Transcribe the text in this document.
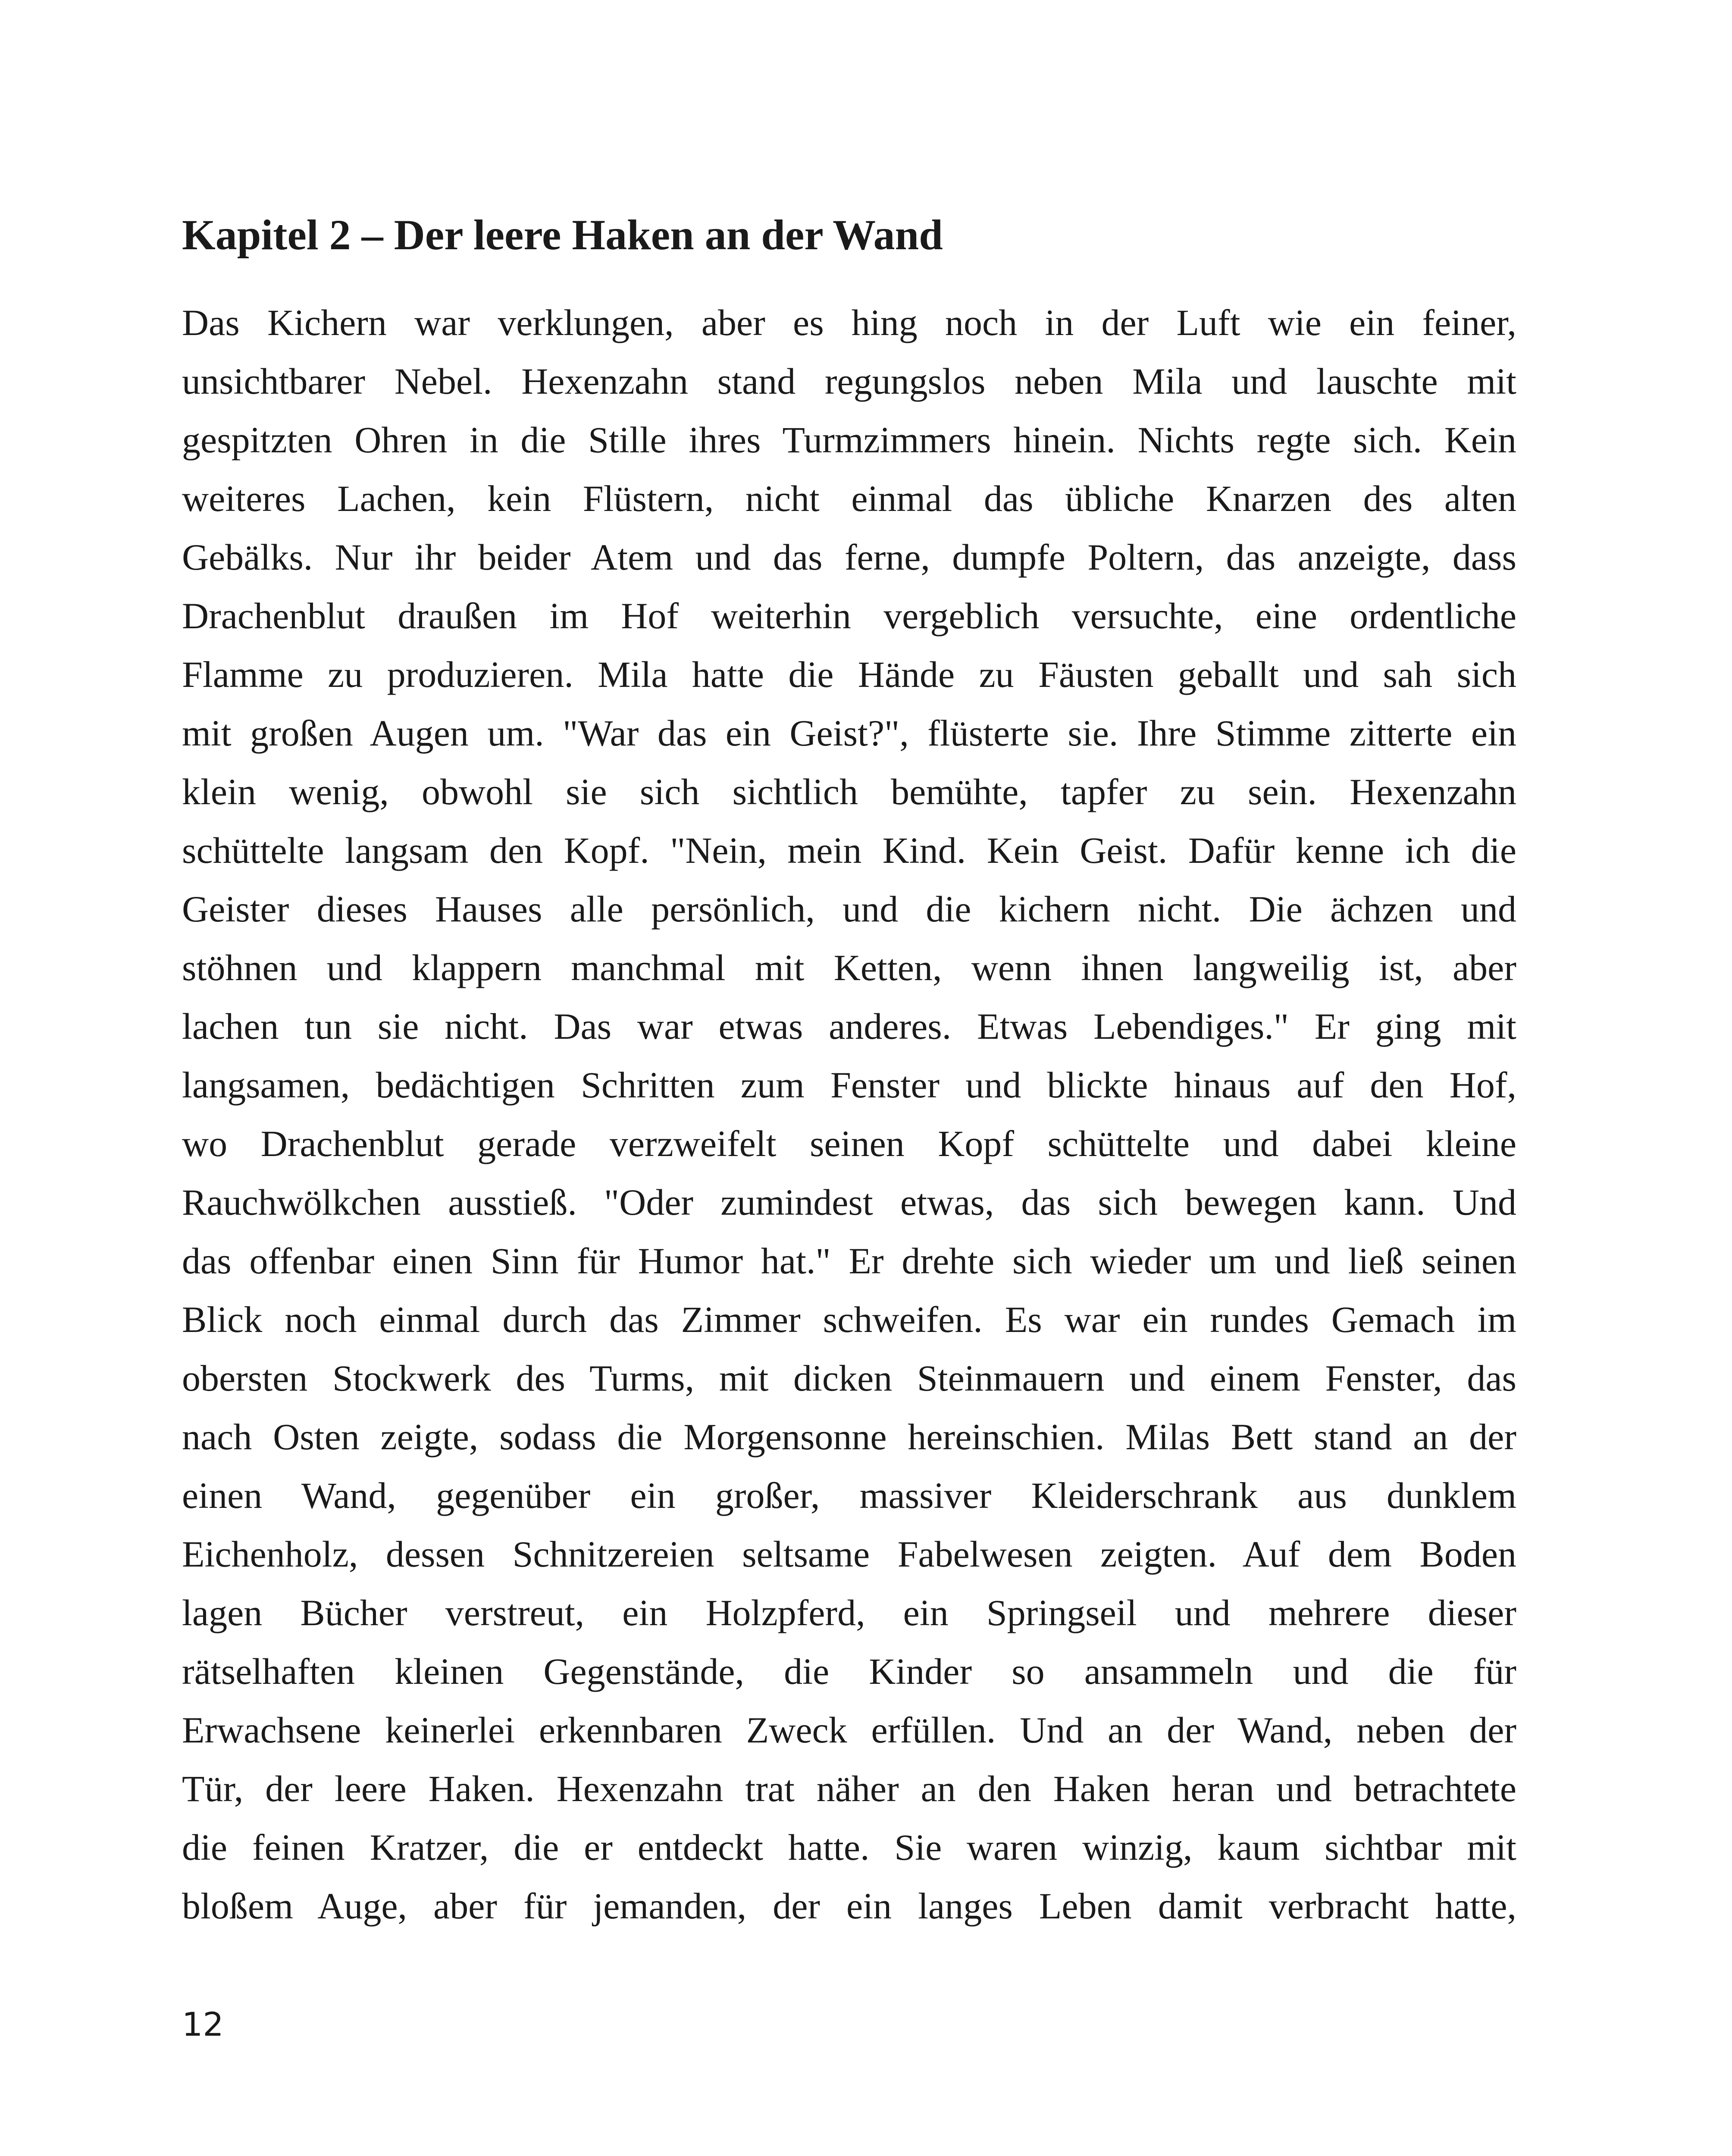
Kapitel 2 – Der leere Haken an der Wand
Das Kichern war verklungen, aber es hing noch in der Luft wie ein feiner,
unsichtbarer Nebel. Hexenzahn stand regungslos neben Mila und lauschte mit
gespitzten Ohren in die Stille ihres Turmzimmers hinein. Nichts regte sich. Kein
weiteres Lachen, kein Flüstern, nicht einmal das übliche Knarzen des alten
Gebälks. Nur ihr beider Atem und das ferne, dumpfe Poltern, das anzeigte, dass
Drachenblut draußen im Hof weiterhin vergeblich versuchte, eine ordentliche
Flamme zu produzieren. Mila hatte die Hände zu Fäusten geballt und sah sich
mit großen Augen um. "War das ein Geist?", flüsterte sie. Ihre Stimme zitterte ein
klein wenig, obwohl sie sich sichtlich bemühte, tapfer zu sein. Hexenzahn
schüttelte langsam den Kopf. "Nein, mein Kind. Kein Geist. Dafür kenne ich die
Geister dieses Hauses alle persönlich, und die kichern nicht. Die ächzen und
stöhnen und klappern manchmal mit Ketten, wenn ihnen langweilig ist, aber
lachen tun sie nicht. Das war etwas anderes. Etwas Lebendiges." Er ging mit
langsamen, bedächtigen Schritten zum Fenster und blickte hinaus auf den Hof,
wo Drachenblut gerade verzweifelt seinen Kopf schüttelte und dabei kleine
Rauchwölkchen ausstieß. "Oder zumindest etwas, das sich bewegen kann. Und
das offenbar einen Sinn für Humor hat." Er drehte sich wieder um und ließ seinen
Blick noch einmal durch das Zimmer schweifen. Es war ein rundes Gemach im
obersten Stockwerk des Turms, mit dicken Steinmauern und einem Fenster, das
nach Osten zeigte, sodass die Morgensonne hereinschien. Milas Bett stand an der
einen Wand, gegenüber ein großer, massiver Kleiderschrank aus dunklem
Eichenholz, dessen Schnitzereien seltsame Fabelwesen zeigten. Auf dem Boden
lagen Bücher verstreut, ein Holzpferd, ein Springseil und mehrere dieser
rätselhaften kleinen Gegenstände, die Kinder so ansammeln und die für
Erwachsene keinerlei erkennbaren Zweck erfüllen. Und an der Wand, neben der
Tür, der leere Haken. Hexenzahn trat näher an den Haken heran und betrachtete
die feinen Kratzer, die er entdeckt hatte. Sie waren winzig, kaum sichtbar mit
bloßem Auge, aber für jemanden, der ein langes Leben damit verbracht hatte,

12
